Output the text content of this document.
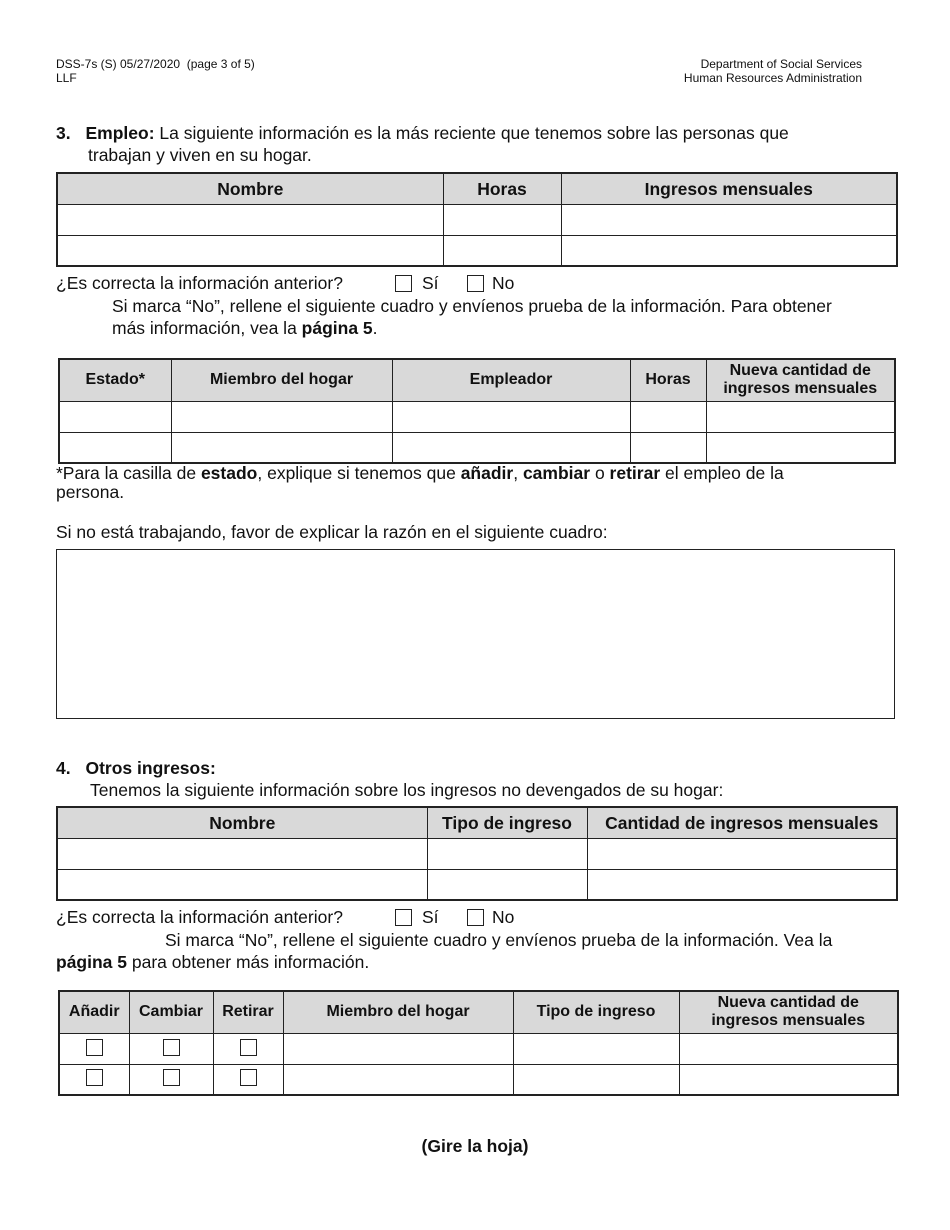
DSS-7s (S) 05/27/2020  (page 3 of 5)
LLF
Department of Social Services
Human Resources Administration
3. Empleo: La siguiente información es la más reciente que tenemos sobre las personas que
trabajan y viven en su hogar.
Nombre	Horas	Ingresos mensuales

¿Es correcta la información anterior?	Sí	No
Si marca “No”, rellene el siguiente cuadro y envíenos prueba de la información. Para obtener
más información, vea la página 5.
Estado*	Miembro del hogar	Empleador	Horas	Nueva cantidad de ingresos mensuales

*Para la casilla de estado, explique si tenemos que añadir, cambiar o retirar el empleo de la
persona.
Si no está trabajando, favor de explicar la razón en el siguiente cuadro:
4. Otros ingresos:
Tenemos la siguiente información sobre los ingresos no devengados de su hogar:
Nombre	Tipo de ingreso	Cantidad de ingresos mensuales

¿Es correcta la información anterior?	Sí	No
Si marca “No”, rellene el siguiente cuadro y envíenos prueba de la información. Vea la
página 5 para obtener más información.
Añadir	Cambiar	Retirar	Miembro del hogar	Tipo de ingreso	Nueva cantidad de ingresos mensuales

(Gire la hoja)
